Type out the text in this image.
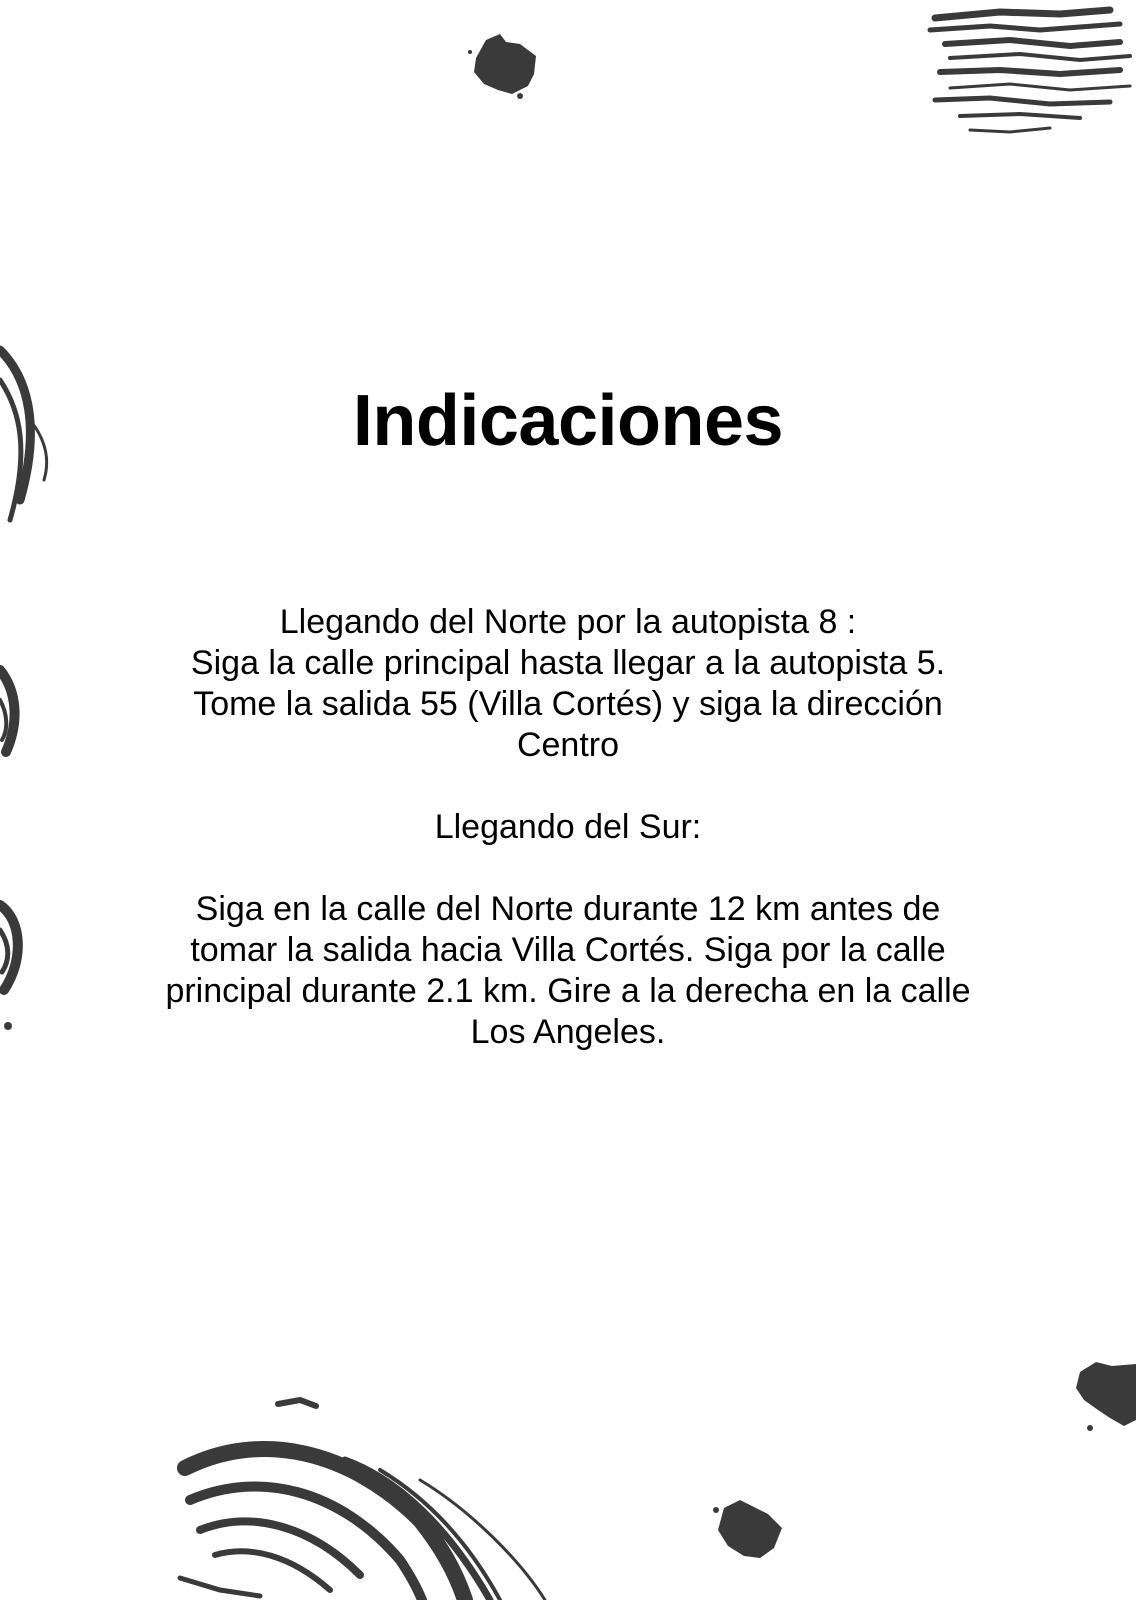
Indicaciones
Llegando del Norte por la autopista 8 :
Siga la calle principal hasta llegar a la autopista 5.
Tome la salida 55 (Villa Cortés) y siga la dirección
Centro
Llegando del Sur:
Siga en la calle del Norte durante 12 km antes de
tomar la salida hacia Villa Cortés. Siga por la calle
principal durante 2.1 km. Gire a la derecha en la calle
Los Angeles.
